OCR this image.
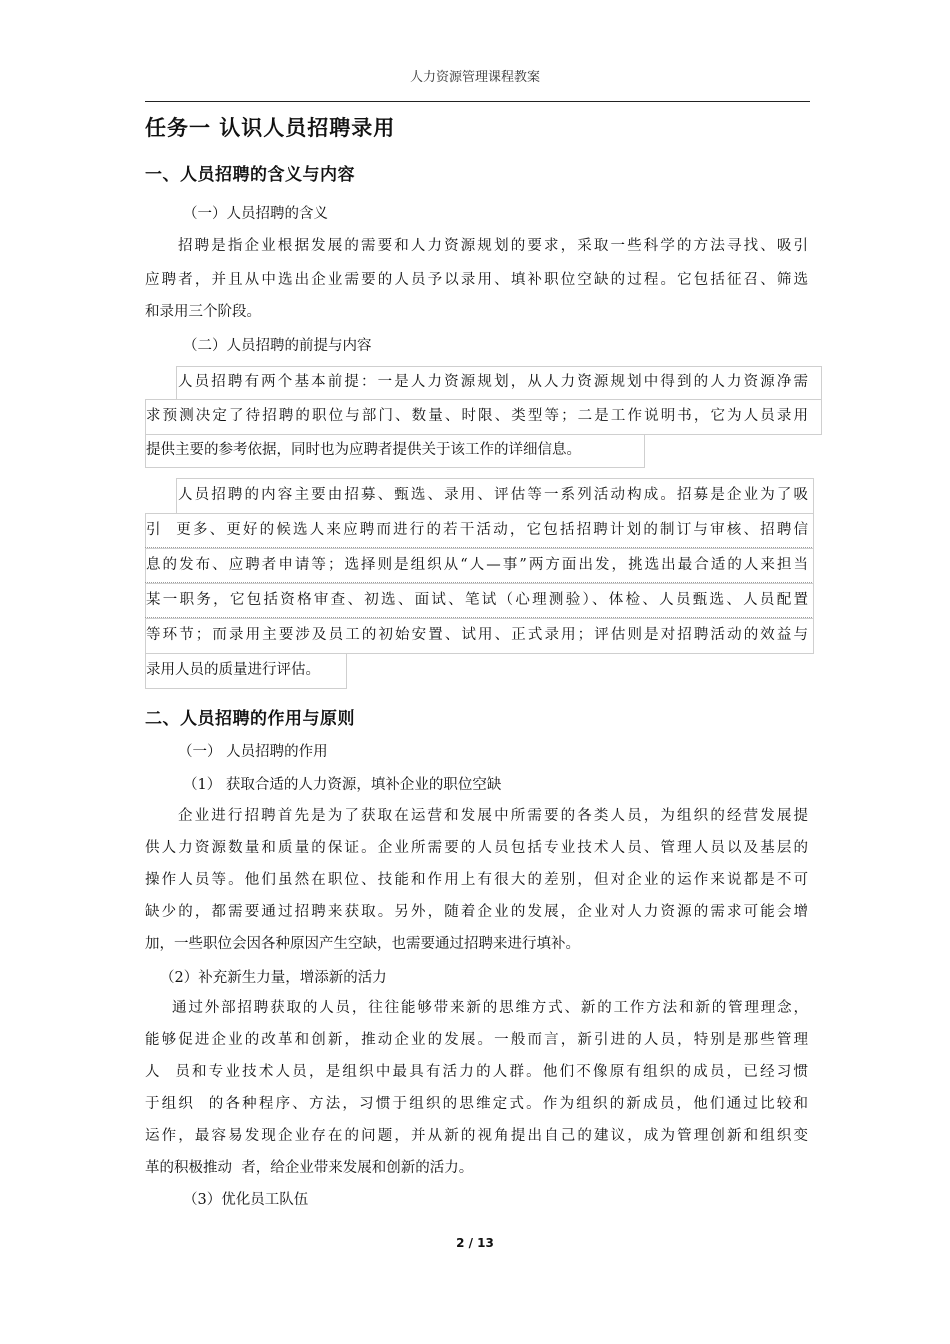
人力资源管理课程教案
任务一 认识人员招聘录用
一、人员招聘的含义与内容
（一）人员招聘的含义
招聘是指企业根据发展的需要和人力资源规划的要求，采取一些科学的方法寻找、吸引
应聘者，并且从中选出企业需要的人员予以录用、填补职位空缺的过程。它包括征召、筛选
和录用三个阶段。
（二）人员招聘的前提与内容
人员招聘有两个基本前提：一是人力资源规划，从人力资源规划中得到的人力资源净需
求预测决定了待招聘的职位与部门、数量、时限、类型等；二是工作说明书，它为人员录用
提供主要的参考依据，同时也为应聘者提供关于该工作的详细信息。
人员招聘的内容主要由招募、甄选、录用、评估等一系列活动构成。招募是企业为了吸
引  更多、更好的候选人来应聘而进行的若干活动，它包括招聘计划的制订与审核、招聘信
息的发布、应聘者申请等；选择则是组织从“人—事”两方面出发，挑选出最合适的人来担当
某一职务，它包括资格审查、初选、面试、笔试（心理测验）、体检、人员甄选、人员配置
等环节；而录用主要涉及员工的初始安置、试用、正式录用；评估则是对招聘活动的效益与
录用人员的质量进行评估。
二、人员招聘的作用与原则
（一） 人员招聘的作用
（1） 获取合适的人力资源，填补企业的职位空缺
企业进行招聘首先是为了获取在运营和发展中所需要的各类人员，为组织的经营发展提
供人力资源数量和质量的保证。企业所需要的人员包括专业技术人员、管理人员以及基层的
操作人员等。他们虽然在职位、技能和作用上有很大的差别，但对企业的运作来说都是不可
缺少的，都需要通过招聘来获取。另外，随着企业的发展，企业对人力资源的需求可能会增
加，一些职位会因各种原因产生空缺，也需要通过招聘来进行填补。
（2）补充新生力量，增添新的活力
通过外部招聘获取的人员，往往能够带来新的思维方式、新的工作方法和新的管理理念，
能够促进企业的改革和创新，推动企业的发展。一般而言，新引进的人员，特别是那些管理
人  员和专业技术人员，是组织中最具有活力的人群。他们不像原有组织的成员，已经习惯
于组织  的各种程序、方法，习惯于组织的思维定式。作为组织的新成员，他们通过比较和
运作，最容易发现企业存在的问题，并从新的视角提出自己的建议，成为管理创新和组织变
革的积极推动  者，给企业带来发展和创新的活力。
（3）优化员工队伍
2 / 13
